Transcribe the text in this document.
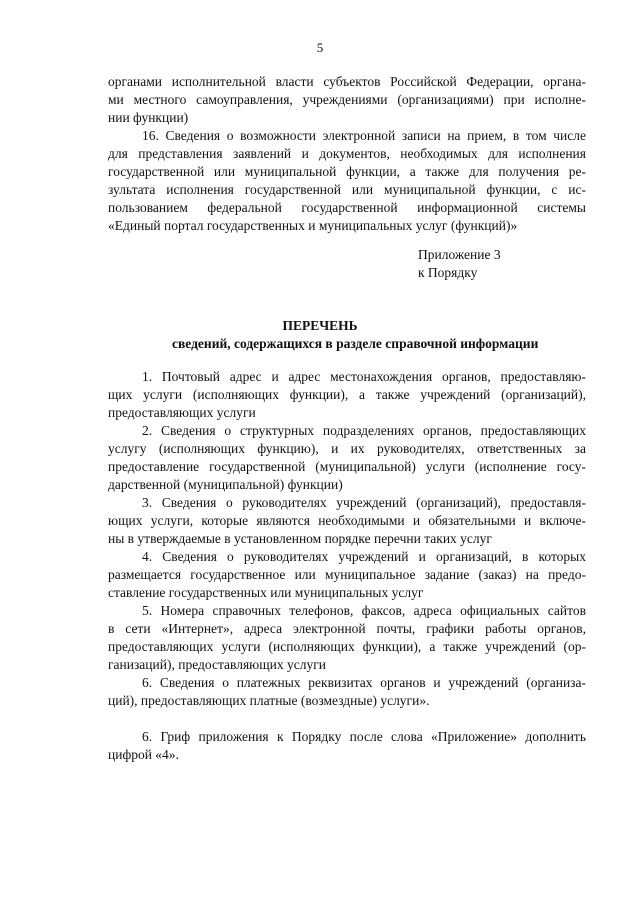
5
органами исполнительной власти субъектов Российской Федерации, органа-
ми местного самоуправления, учреждениями (организациями) при исполне-
нии функции)
16. Сведения о возможности электронной записи на прием, в том числе
для представления заявлений и документов, необходимых для исполнения
государственной или муниципальной функции, а также для получения ре-
зультата исполнения государственной или муниципальной функции, с ис-
пользованием федеральной государственной информационной системы
«Единый портал государственных и муниципальных услуг (функций)»
Приложение 3
к Порядку
ПЕРЕЧЕНЬ
сведений, содержащихся в разделе справочной информации
1. Почтовый адрес и адрес местонахождения органов, предоставляю-
щих услуги (исполняющих функции), а также учреждений (организаций),
предоставляющих услуги
2. Сведения о структурных подразделениях органов, предоставляющих
услугу (исполняющих функцию), и их руководителях, ответственных за
предоставление государственной (муниципальной) услуги (исполнение госу-
дарственной (муниципальной) функции)
3. Сведения о руководителях учреждений (организаций), предоставля-
ющих услуги, которые являются необходимыми и обязательными и включе-
ны в утверждаемые в установленном порядке перечни таких услуг
4. Сведения о руководителях учреждений и организаций, в которых
размещается государственное или муниципальное задание (заказ) на предо-
ставление государственных или муниципальных услуг
5. Номера справочных телефонов, факсов, адреса официальных сайтов
в сети «Интернет», адреса электронной почты, графики работы органов,
предоставляющих услуги (исполняющих функции), а также учреждений (ор-
ганизаций), предоставляющих услуги
6. Сведения о платежных реквизитах органов и учреждений (организа-
ций), предоставляющих платные (возмездные) услуги».
6. Гриф приложения к Порядку после слова «Приложение» дополнить
цифрой «4».
